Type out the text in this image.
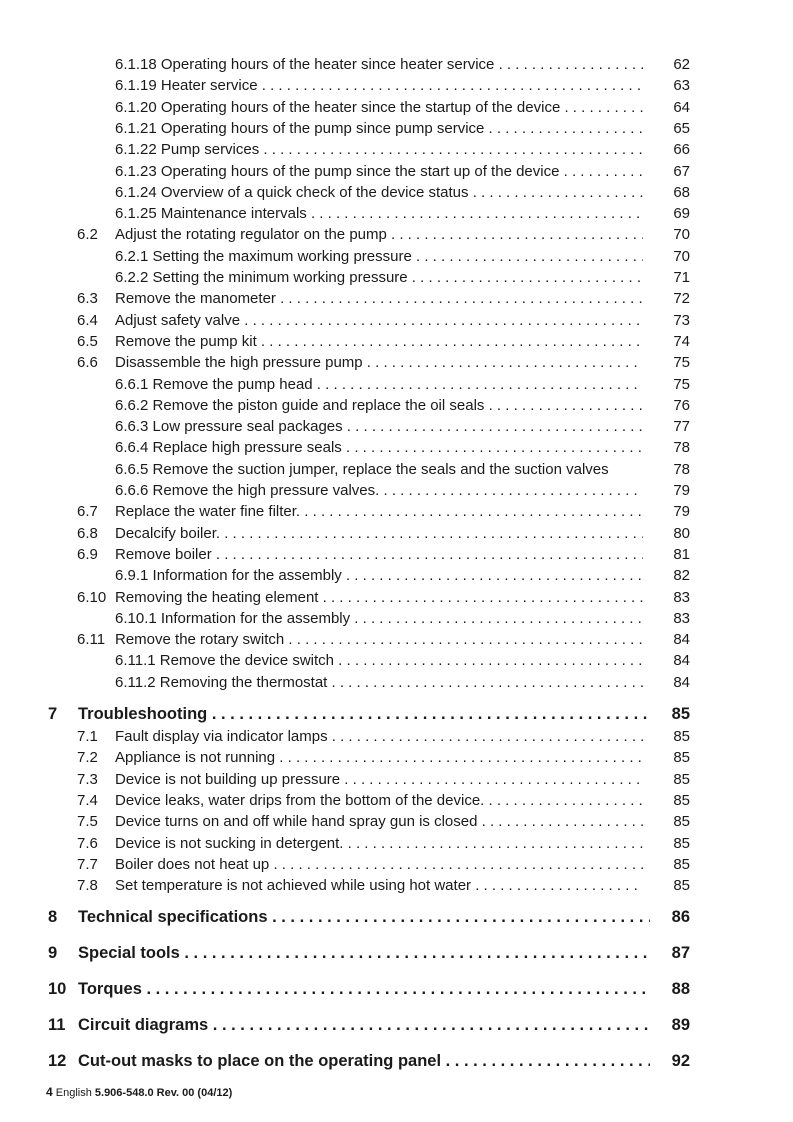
6.1.18 Operating hours of the heater since heater service . . .	62
6.1.19 Heater service . . .	63
6.1.20 Operating hours of the heater since the startup of the device . . .	64
6.1.21 Operating hours of the pump since pump service . . .	65
6.1.22 Pump services . . .	66
6.1.23 Operating hours of the pump since the start up of the device . . .	67
6.1.24 Overview of a quick check of the device status . . .	68
6.1.25 Maintenance intervals . . .	69
6.2 Adjust the rotating regulator on the pump . . .	70
6.2.1 Setting the maximum working pressure . . .	70
6.2.2 Setting the minimum working pressure . . .	71
6.3 Remove the manometer . . .	72
6.4 Adjust safety valve . . .	73
6.5 Remove the pump kit . . .	74
6.6 Disassemble the high pressure pump . . .	75
6.6.1 Remove the pump head . . .	75
6.6.2 Remove the piston guide and replace the oil seals . . .	76
6.6.3 Low pressure seal packages . . .	77
6.6.4 Replace high pressure seals . . .	78
6.6.5 Remove the suction jumper, replace the seals and the suction valves	78
6.6.6 Remove the high pressure valves. . . .	79
6.7 Replace the water fine filter. . . .	79
6.8 Decalcify boiler. . . .	80
6.9 Remove boiler . . .	81
6.9.1 Information for the assembly . . .	82
6.10 Removing the heating element . . .	83
6.10.1 Information for the assembly . . .	83
6.11 Remove the rotary switch . . .	84
6.11.1 Remove the device switch . . .	84
6.11.2 Removing the thermostat . . .	84
7 Troubleshooting . . .	85
7.1 Fault display via indicator lamps . . .	85
7.2 Appliance is not running . . .	85
7.3 Device is not building up pressure . . .	85
7.4 Device leaks, water drips from the bottom of the device. . . .	85
7.5 Device turns on and off while hand spray gun is closed . . .	85
7.6 Device is not sucking in detergent. . . .	85
7.7 Boiler does not heat up . . .	85
7.8 Set temperature is not achieved while using hot water . . .	85
8 Technical specifications . . .	86
9 Special tools . . .	87
10 Torques . . .	88
11 Circuit diagrams . . .	89
12 Cut-out masks to place on the operating panel . . .	92
4 English 5.906-548.0 Rev. 00 (04/12)
